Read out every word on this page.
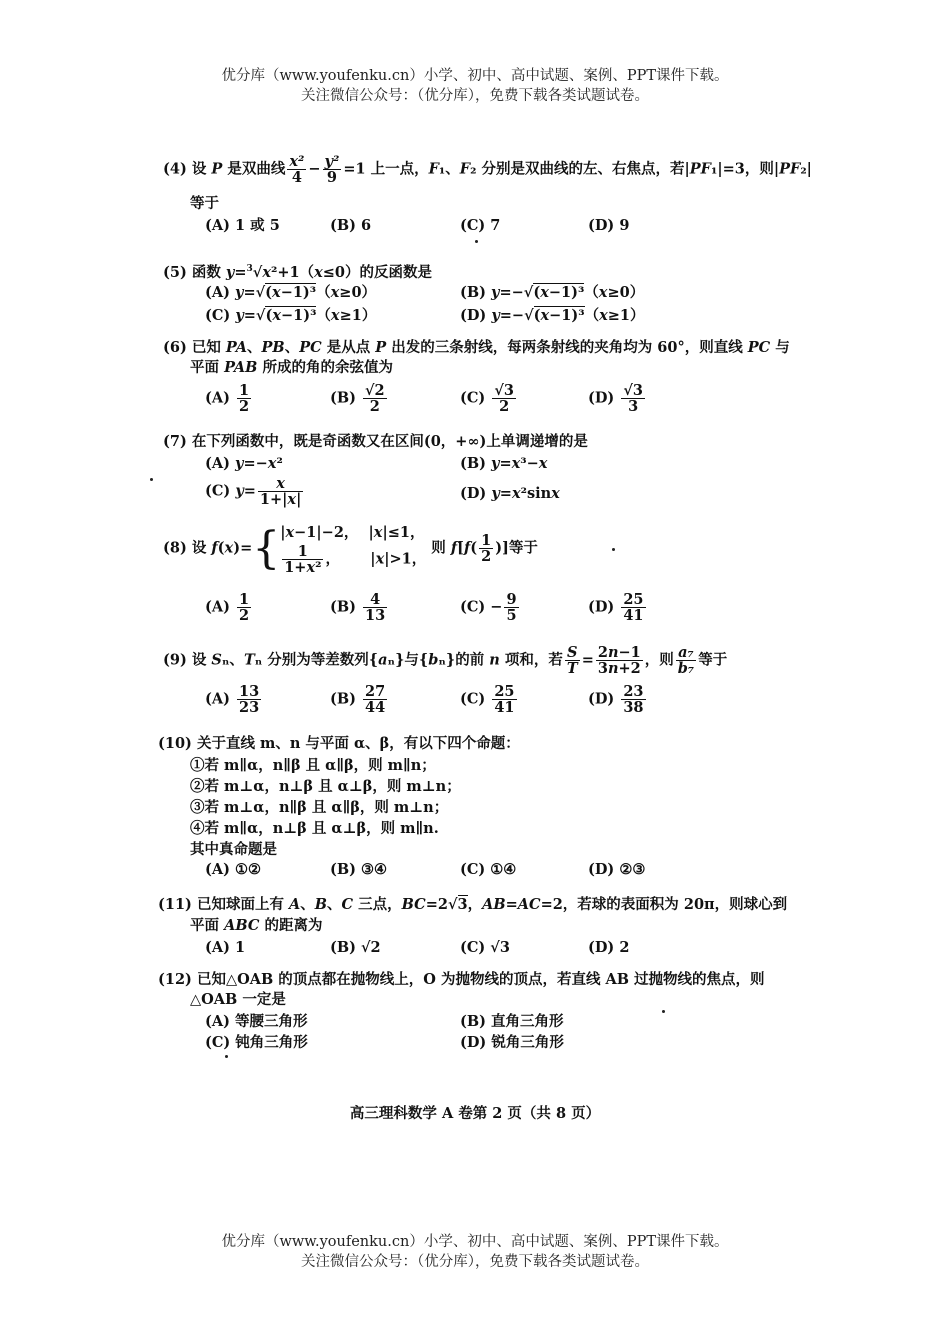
优分库（www.youfenku.cn）小学、初中、高中试题、案例、PPT课件下载。
关注微信公众号：（优分库），免费下载各类试题试卷。
(4) 设 P 是双曲线 $\frac{\text{x²}}{4} - \frac{\text{y²}}{9} =1$ 上一点，F₁、F₂ 分别是双曲线的左、右焦点，若|PF₁|=3，则|PF₂|
等于
(A) 1 或 5	(B) 6	(C) 7	(D) 9
(5) 函数 y=$^3$√x²+1（x≤0）的反函数是
(A) y=√(x−1)³（x≥0）	(B) y=−√(x−1)³（x≥0）
(C) y=√(x−1)³（x≥1）	(D) y=−√(x−1)³（x≥1）
(6) 已知 PA、PB、PC 是从点 P 出发的三条射线，每两条射线的夹角均为 60°，则直线 PC 与
平面 PAB 所成的角的余弦值为
$(A) \frac{1}{2}$	$(B) \frac{√2}{2}$	$(C) \frac{√3}{2}$	$(D) \frac{√3}{3}$
(7) 在下列函数中，既是奇函数又在区间(0，+∞)上单调递增的是
(A) y=−x²	(B) y=x³−x
(C) $y= \frac{x}{1+|x|}$	(D) y=x²sinx
(8) 设 f(x)={|x−1|−2，  |x|≤1，

$\frac{1}{\text{1+x²}}$ ，      |x|>1， 则 $f[f( \frac{1}{2}$ )]等于
$(A) \frac{1}{2}$	$(B) \frac{4}{13}$	$(C) - \frac{9}{5}$	$(D) \frac{25}{41}$
(9) 设 Sₙ、Tₙ 分别为等差数列{aₙ}与{bₙ}的前 n 项和，若 $\frac{S}{T} = \frac{2n-1}{3n+2}$ ，则 $\frac{\text{a₇}}{\text{b₇}}$ 等于
$(A) \frac{13}{23}$	$(B) \frac{27}{44}$	$(C) \frac{25}{41}$	$(D) \frac{23}{38}$
(10) 关于直线 m、n 与平面 α、β，有以下四个命题：
①若 m∥α，n∥β 且 α∥β，则 m∥n；
②若 m⊥α，n⊥β 且 α⊥β，则 m⊥n；
③若 m⊥α，n∥β 且 α∥β，则 m⊥n；
④若 m∥α，n⊥β 且 α⊥β，则 m∥n.
其中真命题是
(A) ①②	(B) ③④	(C) ①④	(D) ②③
(11) 已知球面上有 A、B、C 三点，BC=2√3，AB=AC=2，若球的表面积为 20π，则球心到
平面 ABC 的距离为
(A) 1	(B) √2	(C) √3	(D) 2
(12) 已知△OAB 的顶点都在抛物线上，O 为抛物线的顶点，若直线 AB 过抛物线的焦点，则
△OAB 一定是
(A) 等腰三角形	(B) 直角三角形
(C) 钝角三角形	(D) 锐角三角形
高三理科数学 A 卷第 2 页（共 8 页）
优分库（www.youfenku.cn）小学、初中、高中试题、案例、PPT课件下载。
关注微信公众号：（优分库），免费下载各类试题试卷。
